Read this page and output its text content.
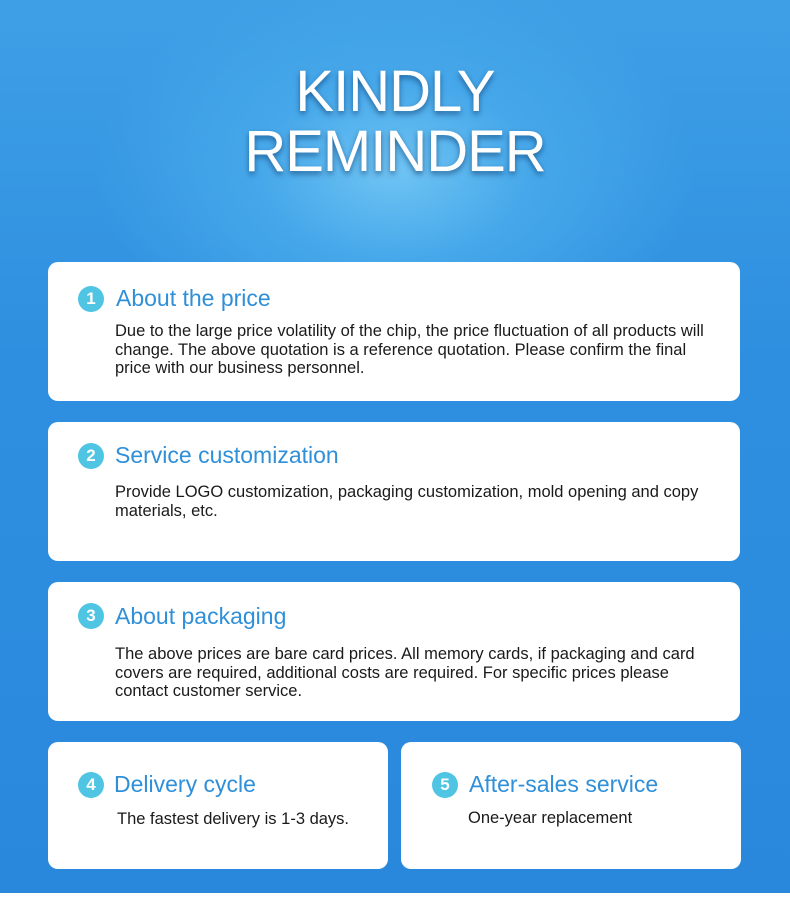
KINDLY
REMINDER
1 About the price
Due to the large price volatility of the chip, the price fluctuation of all products will change. The above quotation is a reference quotation. Please confirm the final price with our business personnel.
2 Service customization
Provide LOGO customization, packaging customization, mold opening and copy materials, etc.
3 About packaging
The above prices are bare card prices. All memory cards, if packaging and card covers are required, additional costs are required. For specific prices please contact customer service.
4 Delivery cycle
The fastest delivery is 1-3 days.
5 After-sales service
One-year replacement
